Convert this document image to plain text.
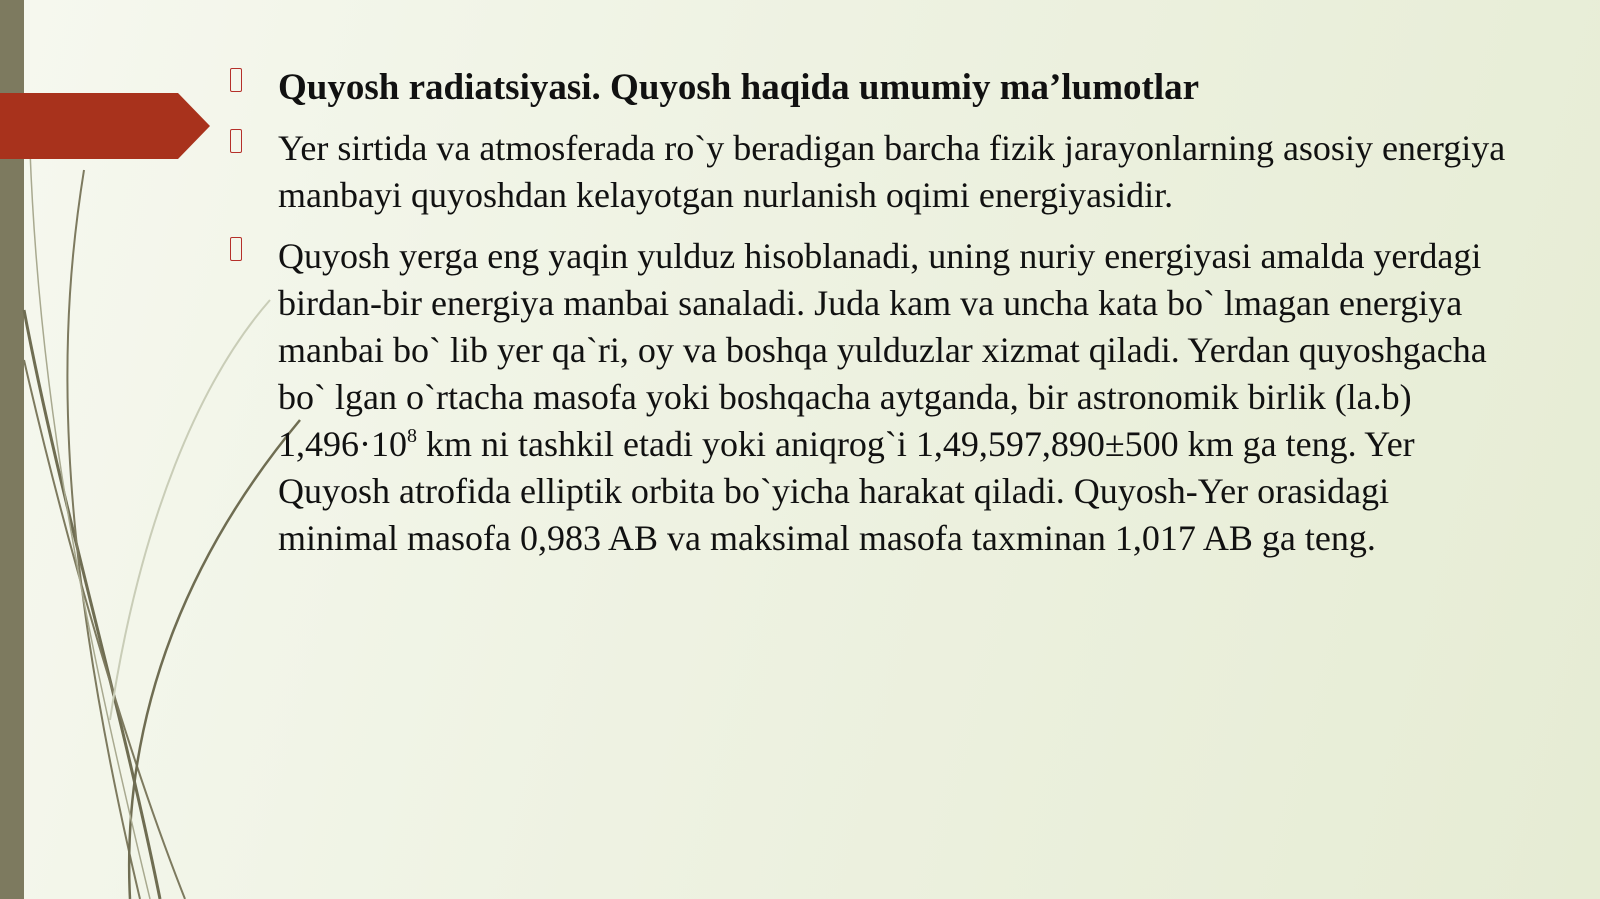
Quyosh radiatsiyasi. Quyosh haqida umumiy ma’lumotlar
Yer sirtida va atmosferada ro`y beradigan barcha fizik jarayonlarning asosiy energiya manbayi quyoshdan kelayotgan nurlanish oqimi energiyasidir.
Quyosh yerga eng yaqin yulduz hisoblanadi, uning nuriy energiyasi amalda yerdagi birdan-bir energiya manbai sanaladi. Juda kam va uncha kata bo` lmagan energiya manbai bo` lib yer qa`ri, oy va boshqa yulduzlar xizmat qiladi. Yerdan quyoshgacha bo` lgan o`rtacha masofa yoki boshqacha aytganda, bir astronomik birlik (la.b) $1,496\cdot 10^8$ km ni tashkil etadi yoki aniqrog`i 1,49,597,890±500 km ga teng. Yer Quyosh atrofida elliptik orbita bo`yicha harakat qiladi. Quyosh-Yer orasidagi minimal masofa 0,983 AB va maksimal masofa taxminan 1,017 AB ga teng.
